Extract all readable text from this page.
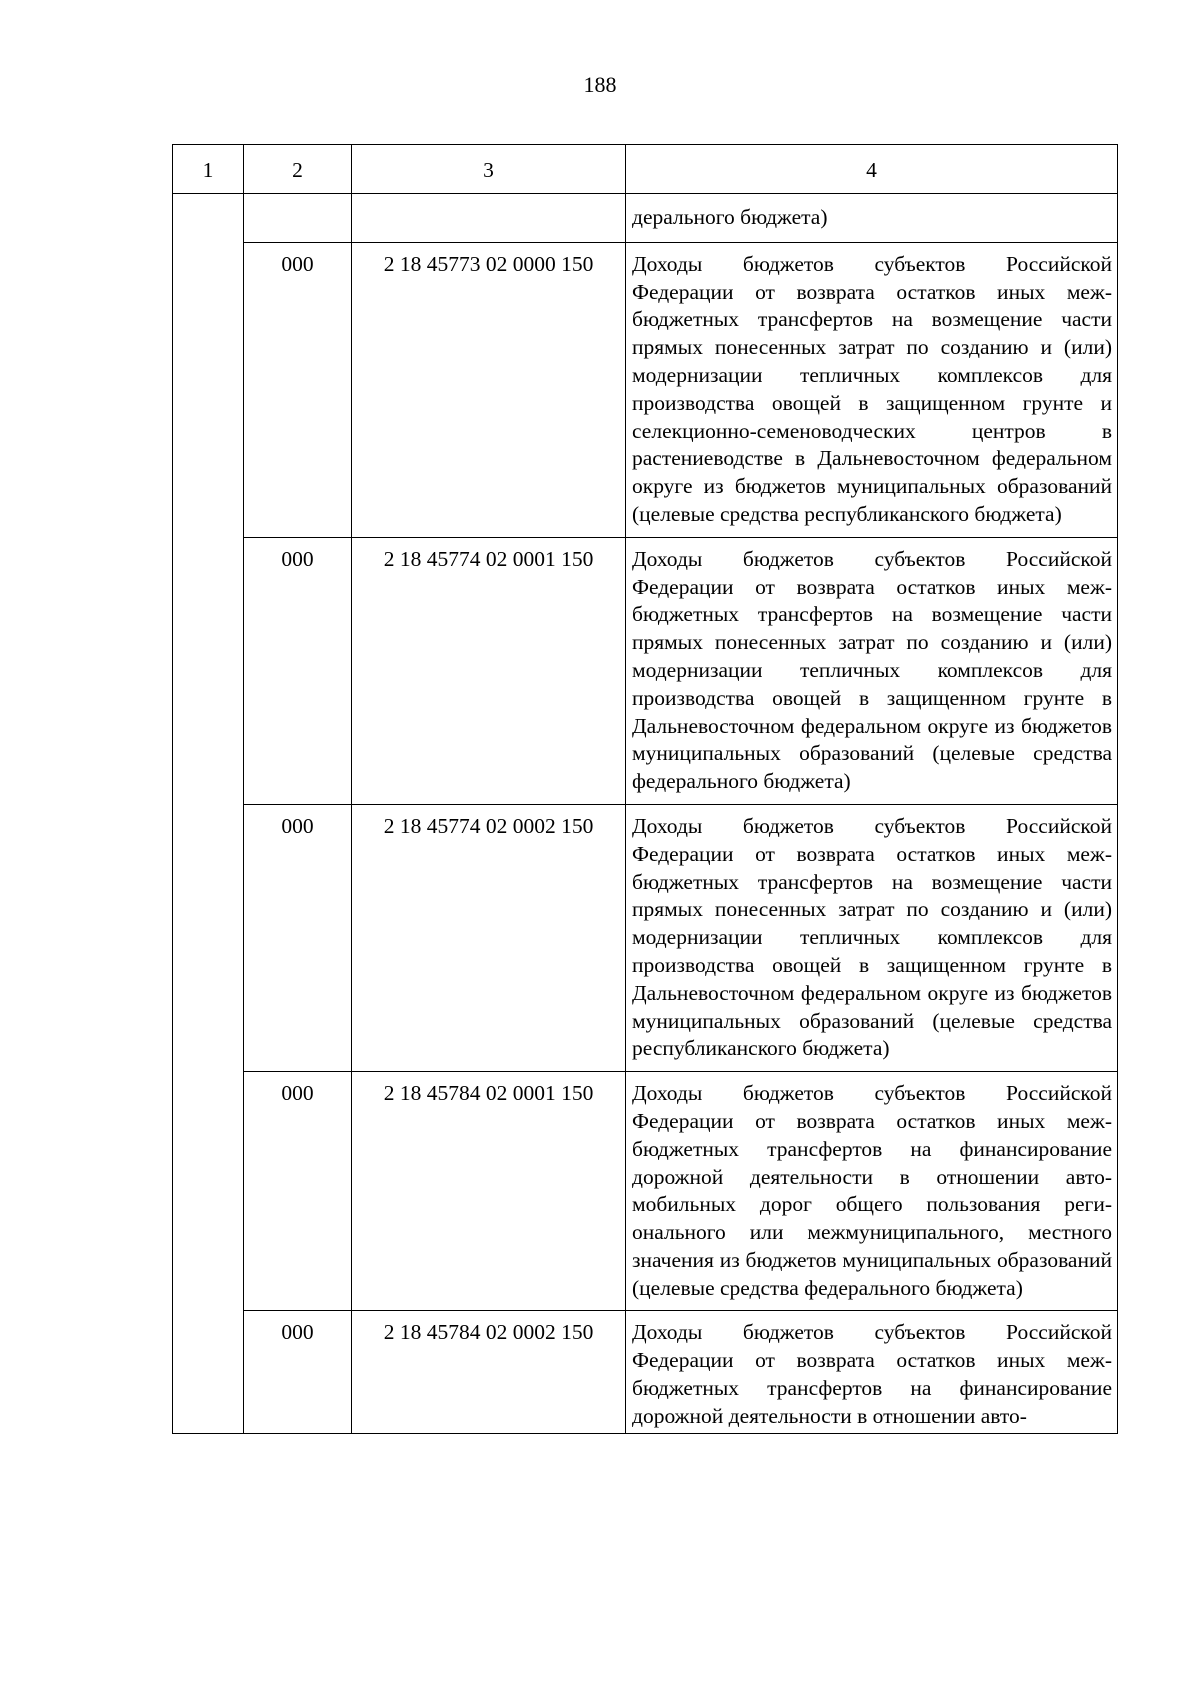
188
1	2	3	4

			дерального бюджета)

	000	2 18 45773 02 0000 150	Доходы бюджетов субъектов Российской Федерации от возврата остатков иных межбюджетных трансфертов на возмещение части прямых понесенных затрат по созданию и (или) модернизации тепличных комплексов для производства овощей в защищенном грунте и селекционно-семеноводческих центров в растениеводстве в Дальневосточном федеральном округе из бюджетов муниципальных образований (целевые средства республиканского бюджета)

	000	2 18 45774 02 0001 150	Доходы бюджетов субъектов Российской Федерации от возврата остатков иных межбюджетных трансфертов на возмещение части прямых понесенных затрат по созданию и (или) модернизации тепличных комплексов для производства овощей в защищенном грунте в Дальневосточном федеральном округе из бюджетов муниципальных образований (целевые средства федерального бюджета)

	000	2 18 45774 02 0002 150	Доходы бюджетов субъектов Российской Федерации от возврата остатков иных межбюджетных трансфертов на возмещение части прямых понесенных затрат по созданию и (или) модернизации тепличных комплексов для производства овощей в защищенном грунте в Дальневосточном федеральном округе из бюджетов муниципальных образований (целевые средства республиканского бюджета)

	000	2 18 45784 02 0001 150	Доходы бюджетов субъектов Российской Федерации от возврата остатков иных межбюджетных трансфертов на финансирование дорожной деятельности в отношении автомобильных дорог общего пользования регионального или межмуниципального, местного значения из бюджетов муниципальных образований (целевые средства федерального бюджета)

	000	2 18 45784 02 0002 150	Доходы бюджетов субъектов Российской Федерации от возврата остатков иных межбюджетных трансфертов на финансирование дорожной деятельности в отношении авто-
